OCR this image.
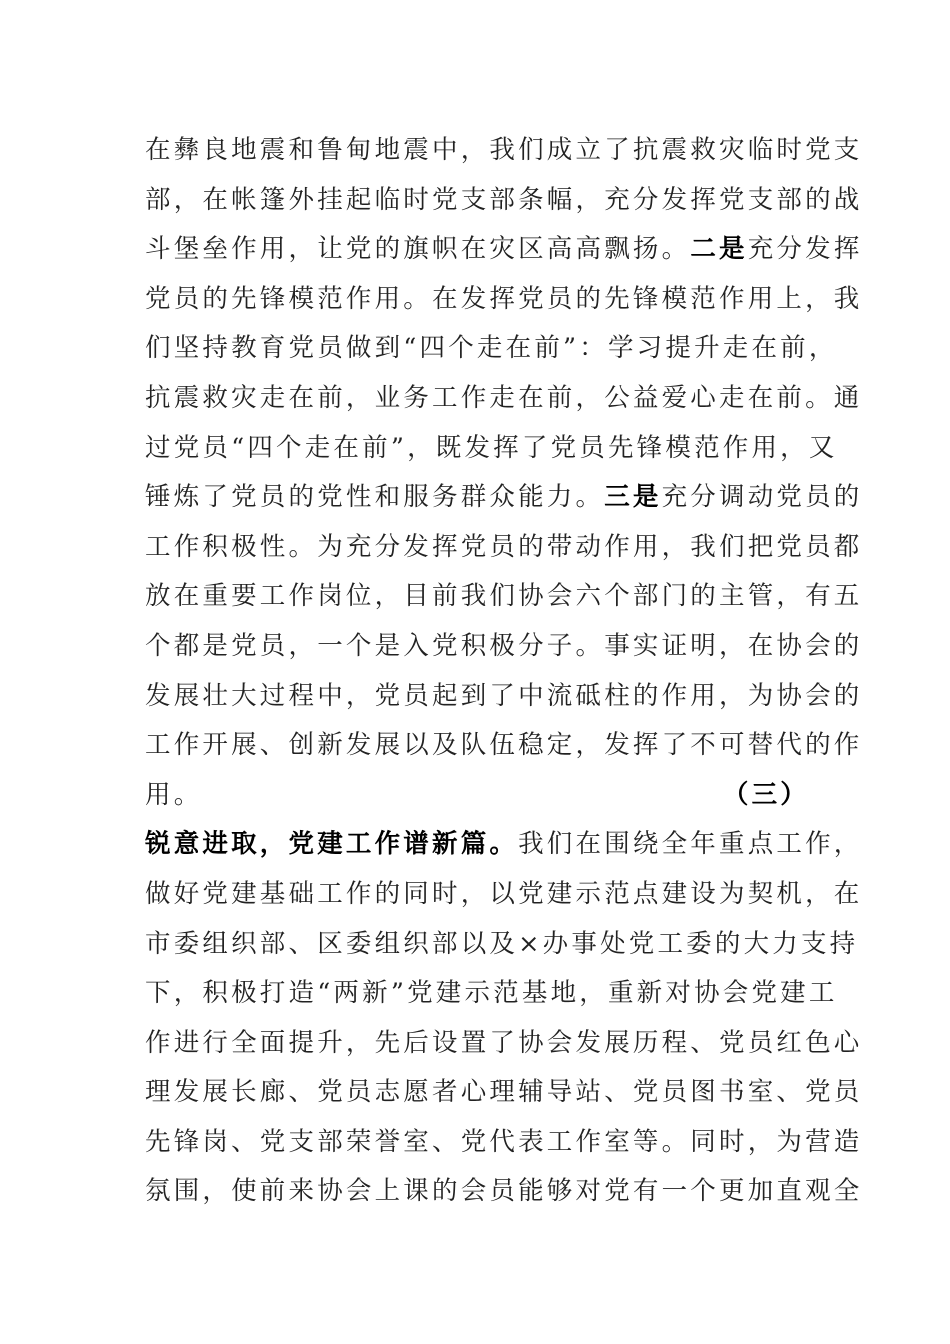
在彝良地震和鲁甸地震中，我们成立了抗震救灾临时党支
部，在帐篷外挂起临时党支部条幅，充分发挥党支部的战
斗堡垒作用，让党的旗帜在灾区高高飘扬。二是充分发挥
党员的先锋模范作用。在发挥党员的先锋模范作用上，我
们坚持教育党员做到“四个走在前”：学习提升走在前，
抗震救灾走在前，业务工作走在前，公益爱心走在前。通
过党员“四个走在前”，既发挥了党员先锋模范作用，又
锤炼了党员的党性和服务群众能力。三是充分调动党员的
工作积极性。为充分发挥党员的带动作用，我们把党员都
放在重要工作岗位，目前我们协会六个部门的主管，有五
个都是党员，一个是入党积极分子。事实证明，在协会的
发展壮大过程中，党员起到了中流砥柱的作用，为协会的
工作开展、创新发展以及队伍稳定，发挥了不可替代的作
用。	（三）
锐意进取，党建工作谱新篇。我们在围绕全年重点工作，
做好党建基础工作的同时，以党建示范点建设为契机，在
市委组织部、区委组织部以及×办事处党工委的大力支持
下，积极打造“两新”党建示范基地，重新对协会党建工
作进行全面提升，先后设置了协会发展历程、党员红色心
理发展长廊、党员志愿者心理辅导站、党员图书室、党员
先锋岗、党支部荣誉室、党代表工作室等。同时，为营造
氛围，使前来协会上课的会员能够对党有一个更加直观全
